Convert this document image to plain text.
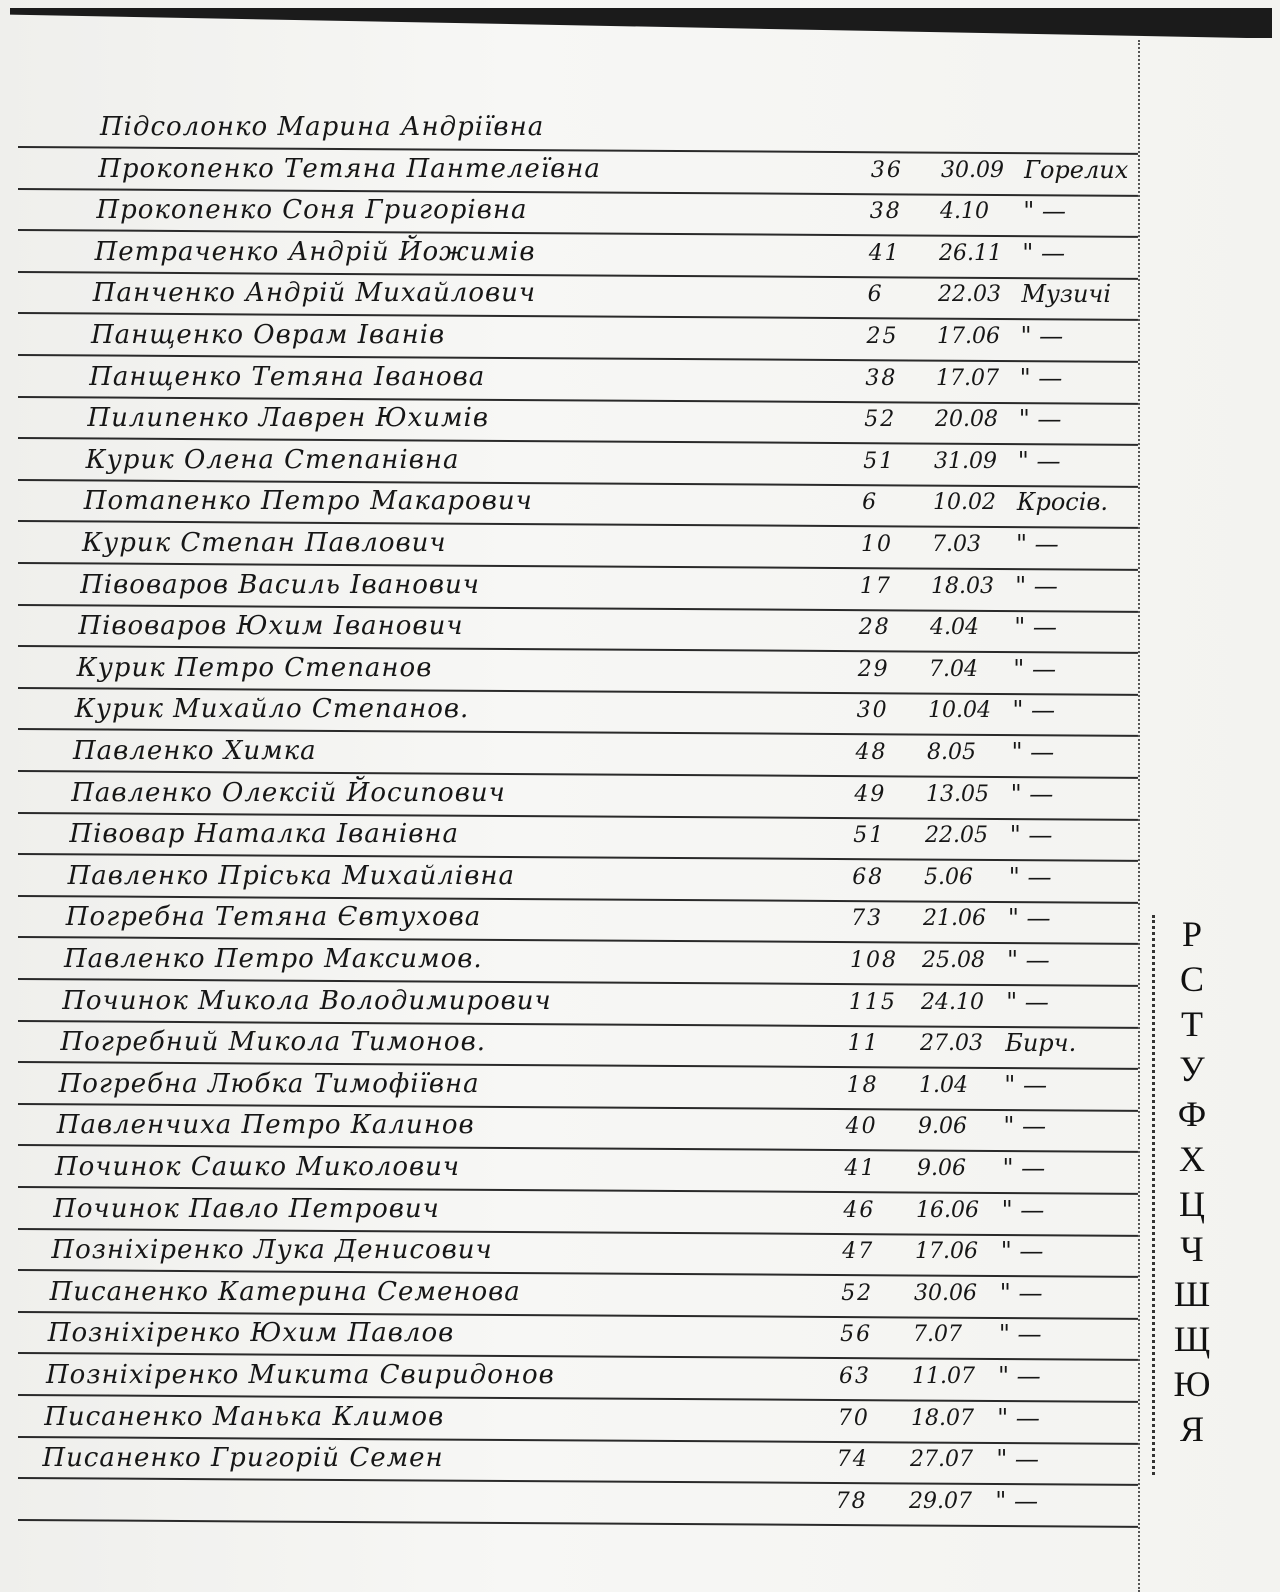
Підсолонко Марина Андріївна
Прокопенко Тетяна Пантелеївна	36	30.09 Горелих
Прокопенко Соня Григорівна	38	4.10	" —
Петраченко Андрій Йожимів	41	26.11 " —
Панченко Андрій Михайлович	6	22.03 Музичі
Панщенко Оврам Іванів	25	17.06 " —
Панщенко Тетяна Іванова	38	17.07 " —
Пилипенко Лаврен Юхимів	52	20.08 " —
Курик Олена Степанівна	51	31.09 " —
Потапенко Петро Макарович	6	10.02 Кросів.
Курик Степан Павлович	10	7.03	" —
Півоваров Василь Іванович	17	18.03 " —
Півоваров Юхим Іванович	28	4.04	" —
Курик Петро Степанов	29	7.04	" —
Курик Михайло Степанов.	30	10.04 " —
Павленко Химка	48	8.05	" —
Павленко Олексій Йосипович	49	13.05 " —
Півовар Наталка Іванівна	51	22.05 " —
Павленко Пріська Михайлівна	68	5.06	" —
Погребна Тетяна Євтухова	73	21.06 " —
Павленко Петро Максимов.	108	25.08 " —
Починок Микола Володимирович	115	24.10 " —
Погребний Микола Тимонов.	11	27.03 Бирч.
Погребна Любка Тимофіївна	18	1.04	" —
Павленчиха Петро Калинов	40	9.06	" —
Починок Сашко Миколович	41	9.06	" —
Починок Павло Петрович	46	16.06 " —
Позніхіренко Лука Денисович	47	17.06 " —
Писаненко Катерина Семенова	52	30.06 " —
Позніхіренко Юхим Павлов	56	7.07	" —
Позніхіренко Микита Свиридонов	63	11.07 " —
Писаненко Манька Климов	70	18.07 " —
Писаненко Григорій Семен	74	27.07 " —
78	29.07 " —
Р
С
Т
У
Ф
Х
Ц
Ч
Ш
Щ
Ю
Я
